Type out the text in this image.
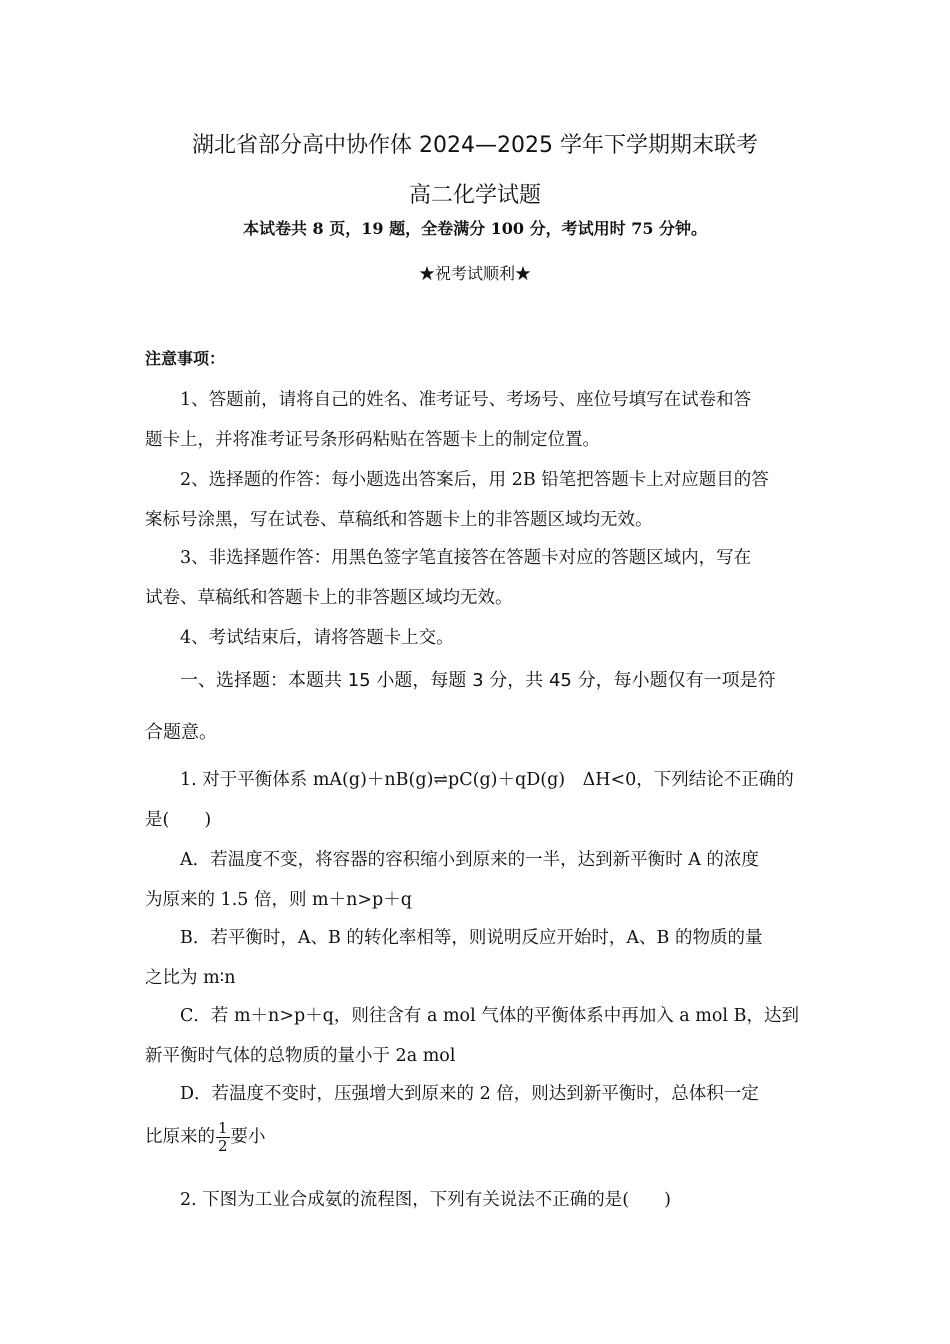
湖北省部分高中协作体 2024—2025 学年下学期期末联考
高二化学试题
本试卷共 8 页，19 题，全卷满分 100 分，考试用时 75 分钟。
★祝考试顺利★
注意事项：
1、答题前，请将自己的姓名、准考证号、考场号、座位号填写在试卷和答
题卡上，并将准考证号条形码粘贴在答题卡上的制定位置。
2、选择题的作答：每小题选出答案后，用 2B 铅笔把答题卡上对应题目的答
案标号涂黑，写在试卷、草稿纸和答题卡上的非答题区域均无效。
3、非选择题作答：用黑色签字笔直接答在答题卡对应的答题区域内，写在
试卷、草稿纸和答题卡上的非答题区域均无效。
4、考试结束后，请将答题卡上交。
一、选择题：本题共 15 小题，每题 3 分，共 45 分，每小题仅有一项是符
合题意。
1. 对于平衡体系 mA(g)＋nB(g)⇌pC(g)＋qD(g)　ΔH<0，下列结论不正确的
是(　　)
A．若温度不变，将容器的容积缩小到原来的一半，达到新平衡时 A 的浓度
为原来的 1.5 倍，则 m＋n>p＋q
B．若平衡时，A、B 的转化率相等，则说明反应开始时，A、B 的物质的量
之比为 m∶n
C．若 m＋n>p＋q，则往含有 a mol 气体的平衡体系中再加入 a mol B，达到
新平衡时气体的总物质的量小于 2a mol
D．若温度不变时，压强增大到原来的 2 倍，则达到新平衡时，总体积一定
比原来的 $\frac{1}{2}$ 要小
2. 下图为工业合成氨的流程图，下列有关说法不正确的是(　　)
